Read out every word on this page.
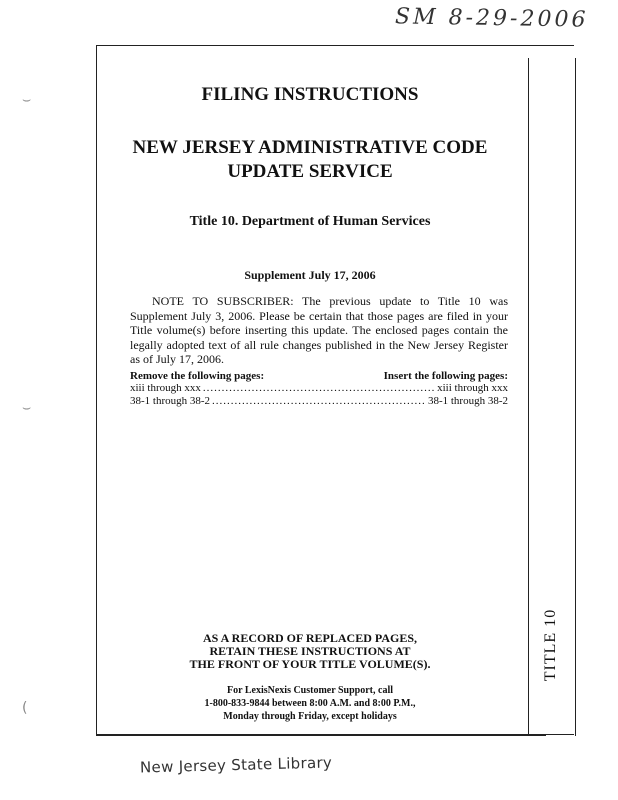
SM 8-29-2006
TITLE 10
FILING INSTRUCTIONS
NEW JERSEY ADMINISTRATIVE CODE
UPDATE SERVICE
Title 10. Department of Human Services
Supplement July 17, 2006
NOTE TO SUBSCRIBER: The previous update to Title 10 was Supplement July 3, 2006. Please be certain that those pages are filed in your Title volume(s) before inserting this update. The enclosed pages contain the legally adopted text of all rule changes published in the New Jersey Register as of July 17, 2006.
Remove the following pages:	Insert the following pages:
xiii through xxx .....	xiii through xxx
38-1 through 38-2 .....	38-1 through 38-2
AS A RECORD OF REPLACED PAGES,
RETAIN THESE INSTRUCTIONS AT
THE FRONT OF YOUR TITLE VOLUME(S).
For LexisNexis Customer Support, call
1-800-833-9844 between 8:00 A.M. and 8:00 P.M.,
Monday through Friday, except holidays
New Jersey State Library
⌣
⌣
(
